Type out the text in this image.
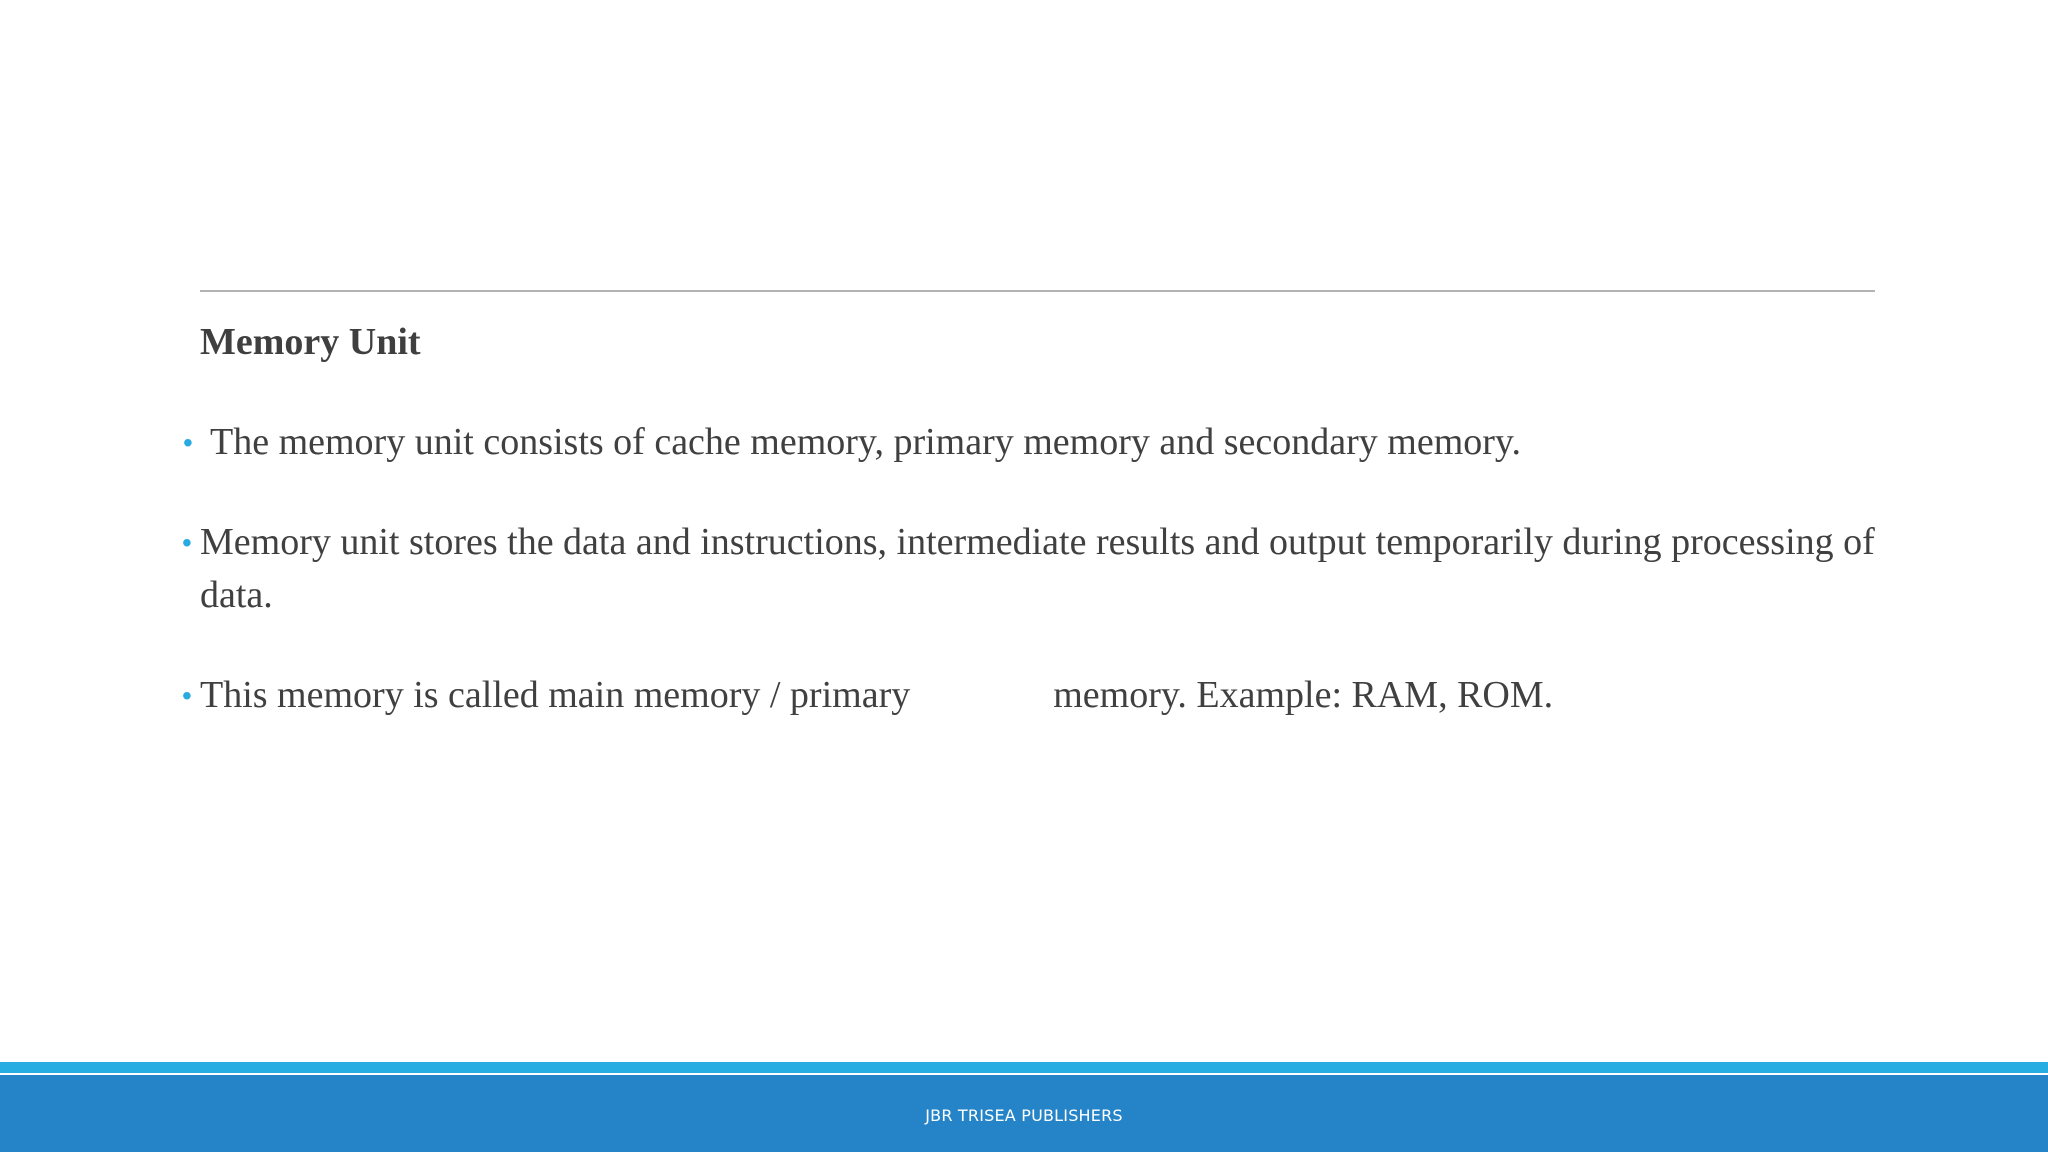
Memory Unit
• The memory unit consists of cache memory, primary memory and secondary memory.
• Memory unit stores the data and instructions, intermediate results and output temporarily during processing of data.
• This memory is called main memory / primary	memory. Example: RAM, ROM.
JBR TRISEA PUBLISHERS
